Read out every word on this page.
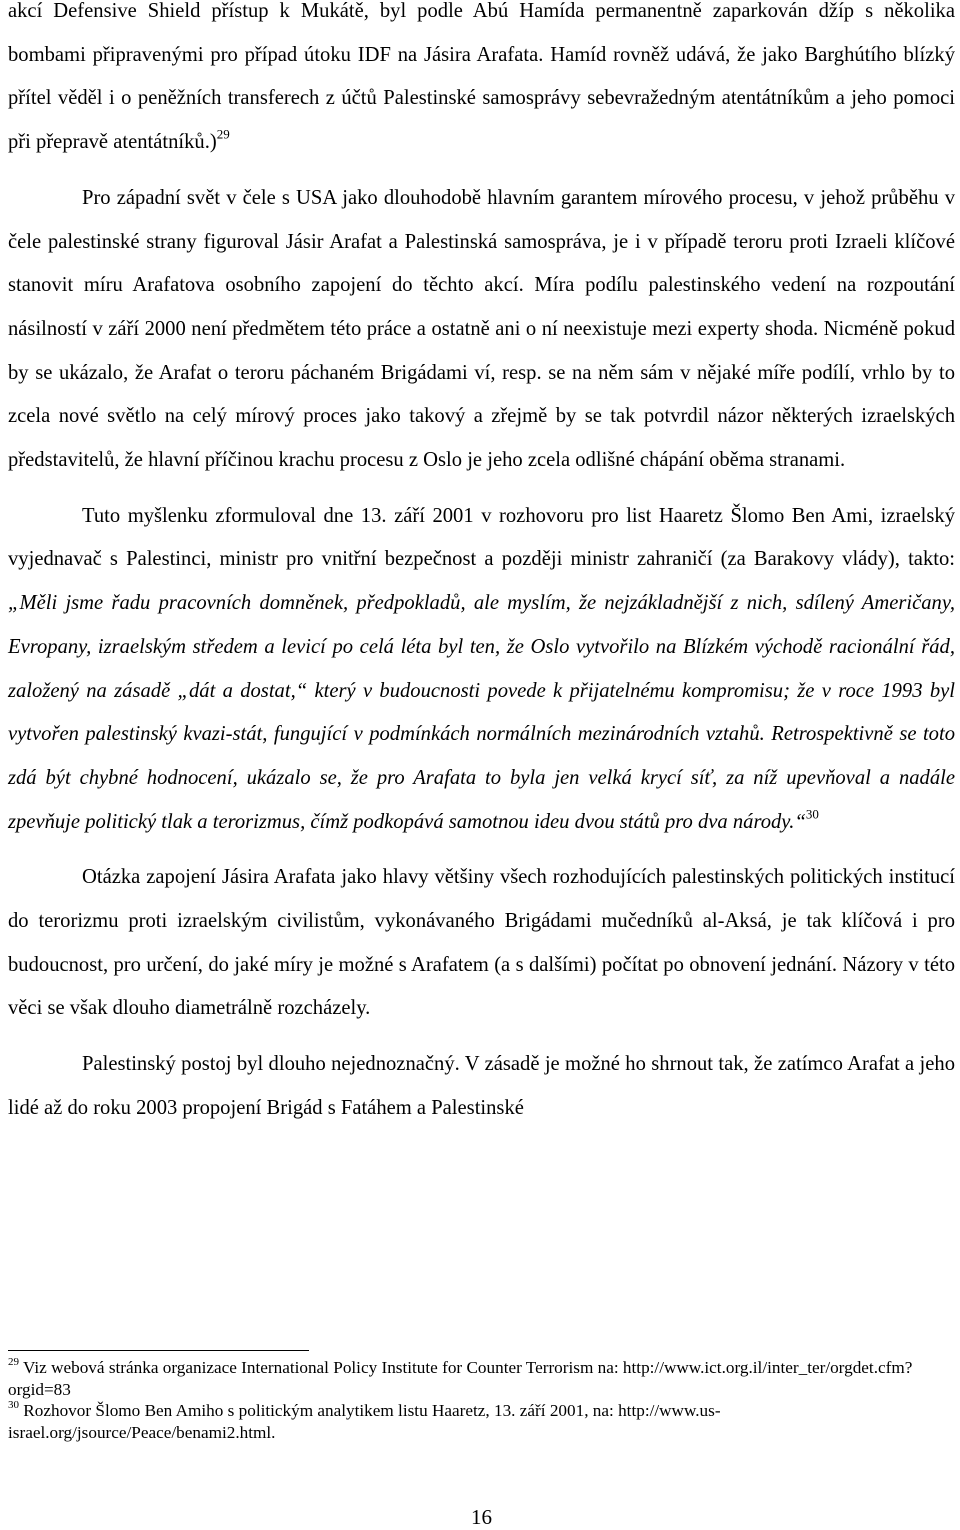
akcí Defensive Shield přístup k Mukátě, byl podle Abú Hamída permanentně zaparkován džíp s několika bombami připravenými pro případ útoku IDF na Jásira Arafata. Hamíd rovněž udává, že jako Barghútího blízký přítel věděl i o peněžních transferech z účtů Palestinské samosprávy sebevražedným atentátníkům a jeho pomoci při přepravě atentátníků.)$^{29}$

Pro západní svět v čele s USA jako dlouhodobě hlavním garantem mírového procesu, v jehož průběhu v čele palestinské strany figuroval Jásir Arafat a Palestinská samospráva, je i v případě teroru proti Izraeli klíčové stanovit míru Arafatova osobního zapojení do těchto akcí. Míra podílu palestinského vedení na rozpoutání násilností v září 2000 není předmětem této práce a ostatně ani o ní neexistuje mezi experty shoda. Nicméně pokud by se ukázalo, že Arafat o teroru páchaném Brigádami ví, resp. se na něm sám v nějaké míře podílí, vrhlo by to zcela nové světlo na celý mírový proces jako takový a zřejmě by se tak potvrdil názor některých izraelských představitelů, že hlavní příčinou krachu procesu z Oslo je jeho zcela odlišné chápání oběma stranami.

Tuto myšlenku zformuloval dne 13. září 2001 v rozhovoru pro list Haaretz Šlomo Ben Ami, izraelský vyjednavač s Palestinci, ministr pro vnitřní bezpečnost a později ministr zahraničí (za Barakovy vlády), takto: „Měli jsme řadu pracovních domněnek, předpokladů, ale myslím, že nejzákladnější z nich, sdílený Američany, Evropany, izraelským středem a levicí po celá léta byl ten, že Oslo vytvořilo na Blízkém východě racionální řád, založený na zásadě „dát a dostat,“ který v budoucnosti povede k přijatelnému kompromisu; že v roce 1993 byl vytvořen palestinský kvazi-stát, fungující v podmínkách normálních mezinárodních vztahů. Retrospektivně se toto zdá být chybné hodnocení, ukázalo se, že pro Arafata to byla jen velká krycí síť, za níž upevňoval a nadále zpevňuje politický tlak a terorizmus, čímž podkopává samotnou ideu dvou států pro dva národy.“$^{30}$

Otázka zapojení Jásira Arafata jako hlavy většiny všech rozhodujících palestinských politických institucí do terorizmu proti izraelským civilistům, vykonávaného Brigádami mučedníků al-Aksá, je tak klíčová i pro budoucnost, pro určení, do jaké míry je možné s Arafatem (a s dalšími) počítat po obnovení jednání. Názory v této věci se však dlouho diametrálně rozcházely.

Palestinský postoj byl dlouho nejednoznačný. V zásadě je možné ho shrnout tak, že zatímco Arafat a jeho lidé až do roku 2003 propojení Brigád s Fatáhem a Palestinské

$^{29}$ Viz webová stránka organizace International Policy Institute for Counter Terrorism na: http://www.ict.org.il/inter_ter/orgdet.cfm?orgid=83

$^{30}$ Rozhovor Šlomo Ben Amiho s politickým analytikem listu Haaretz, 13. září 2001, na: http://www.us-israel.org/jsource/Peace/benami2.html.

16
